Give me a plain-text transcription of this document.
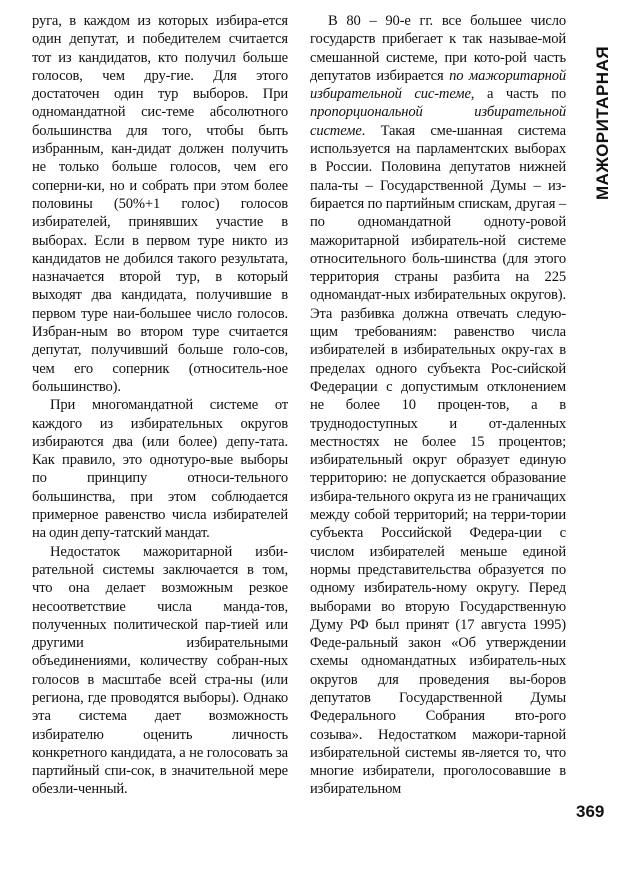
руга, в каждом из которых избира-ется один депутат, и победителем считается тот из кандидатов, кто получил больше голосов, чем дру-гие. Для этого достаточен один тур выборов. При одномандатной сис-теме абсолютного большинства для того, чтобы быть избранным, кан-дидат должен получить не только больше голосов, чем его соперни-ки, но и собрать при этом более половины (50%+1 голос) голосов избирателей, принявших участие в выборах. Если в первом туре никто из кандидатов не добился такого результата, назначается второй тур, в который выходят два кандидата, получившие в первом туре наи-большее число голосов. Избран-ным во втором туре считается депутат, получивший больше голо-сов, чем его соперник (относитель-ное большинство).

При многомандатной системе от каждого из избирательных округов избираются два (или более) депу-тата. Как правило, это однотуро-вые выборы по принципу относи-тельного большинства, при этом соблюдается примерное равенство числа избирателей на один депу-татский мандат.

Недостаток мажоритарной изби-рательной системы заключается в том, что она делает возможным резкое несоответствие числа манда-тов, полученных политической пар-тией или другими избирательными объединениями, количеству собран-ных голосов в масштабе всей стра-ны (или региона, где проводятся выборы). Однако эта система дает возможность избирателю оценить личность конкретного кандидата, а не голосовать за партийный спи-сок, в значительной мере обезли-ченный.

В 80 – 90-е гг. все большее число государств прибегает к так называе-мой смешанной системе, при кото-рой часть депутатов избирается по мажоритарной избирательной сис-теме, а часть по пропорциональной избирательной системе. Такая сме-шанная система используется на парламентских выборах в России. Половина депутатов нижней пала-ты – Государственной Думы – из-бирается по партийным спискам, другая – по одномандатной одноту-ровой мажоритарной избиратель-ной системе относительного боль-шинства (для этого территория страны разбита на 225 одномандат-ных избирательных округов). Эта разбивка должна отвечать следую-щим требованиям: равенство числа избирателей в избирательных окру-гах в пределах одного субъекта Рос-сийской Федерации с допустимым отклонением не более 10 процен-тов, а в труднодоступных и от-даленных местностях не более 15 процентов; избирательный округ образует единую территорию: не допускается образование избира-тельного округа из не граничащих между собой территорий; на терри-тории субъекта Российской Федера-ции с числом избирателей меньше единой нормы представительства образуется по одному избиратель-ному округу. Перед выборами во вторую Государственную Думу РФ был принят (17 августа 1995) Феде-ральный закон «Об утверждении схемы одномандатных избиратель-ных округов для проведения вы-боров депутатов Государственной Думы Федерального Собрания вто-рого созыва». Недостатком мажори-тарной избирательной системы яв-ляется то, что многие избиратели, проголосовавшие в избирательном

МАЖОРИТАРНАЯ
369
